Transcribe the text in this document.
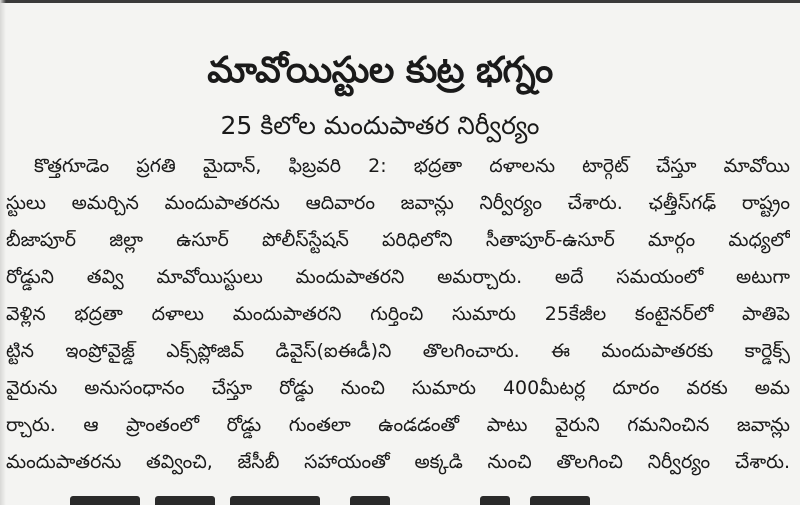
మావోయిస్టుల కుట్ర భగ్నం
25 కిలోల మందుపాతర నిర్వీర్యం
కొత్తగూడెం ప్రగతి మైదాన్, ఫిబ్రవరి 2: భద్రతా దళాలను టార్గెట్ చేస్తూ మావోయి
స్టులు అమర్చిన మందుపాతరను ఆదివారం జవాన్లు నిర్వీర్యం చేశారు. ఛత్తీస్‌గఢ్ రాష్ట్రం
బీజాపూర్ జిల్లా ఉసూర్ పోలీస్‌స్టేషన్ పరిధిలోని సీతాపూర్-ఉసూర్ మార్గం మధ్యలో
రోడ్డుని తవ్వి మావోయిస్టులు మందుపాతరని అమర్చారు. అదే సమయంలో అటుగా
వెళ్లిన భద్రతా దళాలు మందుపాతరని గుర్తించి సుమారు 25కేజీల కంటైనర్‌లో పాతిపె
ట్టిన ఇంప్రోవైజ్డ్ ఎక్స్‌ప్లోజివ్ డివైస్(ఐఈడీ)ని తొలగించారు. ఈ మందుపాతరకు కార్డెక్స్
వైరును అనుసంధానం చేస్తూ రోడ్డు నుంచి సుమారు 400మీటర్ల దూరం వరకు అమ
ర్చారు. ఆ ప్రాంతంలో రోడ్డు గుంతలా ఉండడంతో పాటు వైరుని గమనించిన జవాన్లు
మందుపాతరను తవ్వించి, జేసీబీ సహాయంతో అక్కడి నుంచి తొలగించి నిర్వీర్యం చేశారు.
